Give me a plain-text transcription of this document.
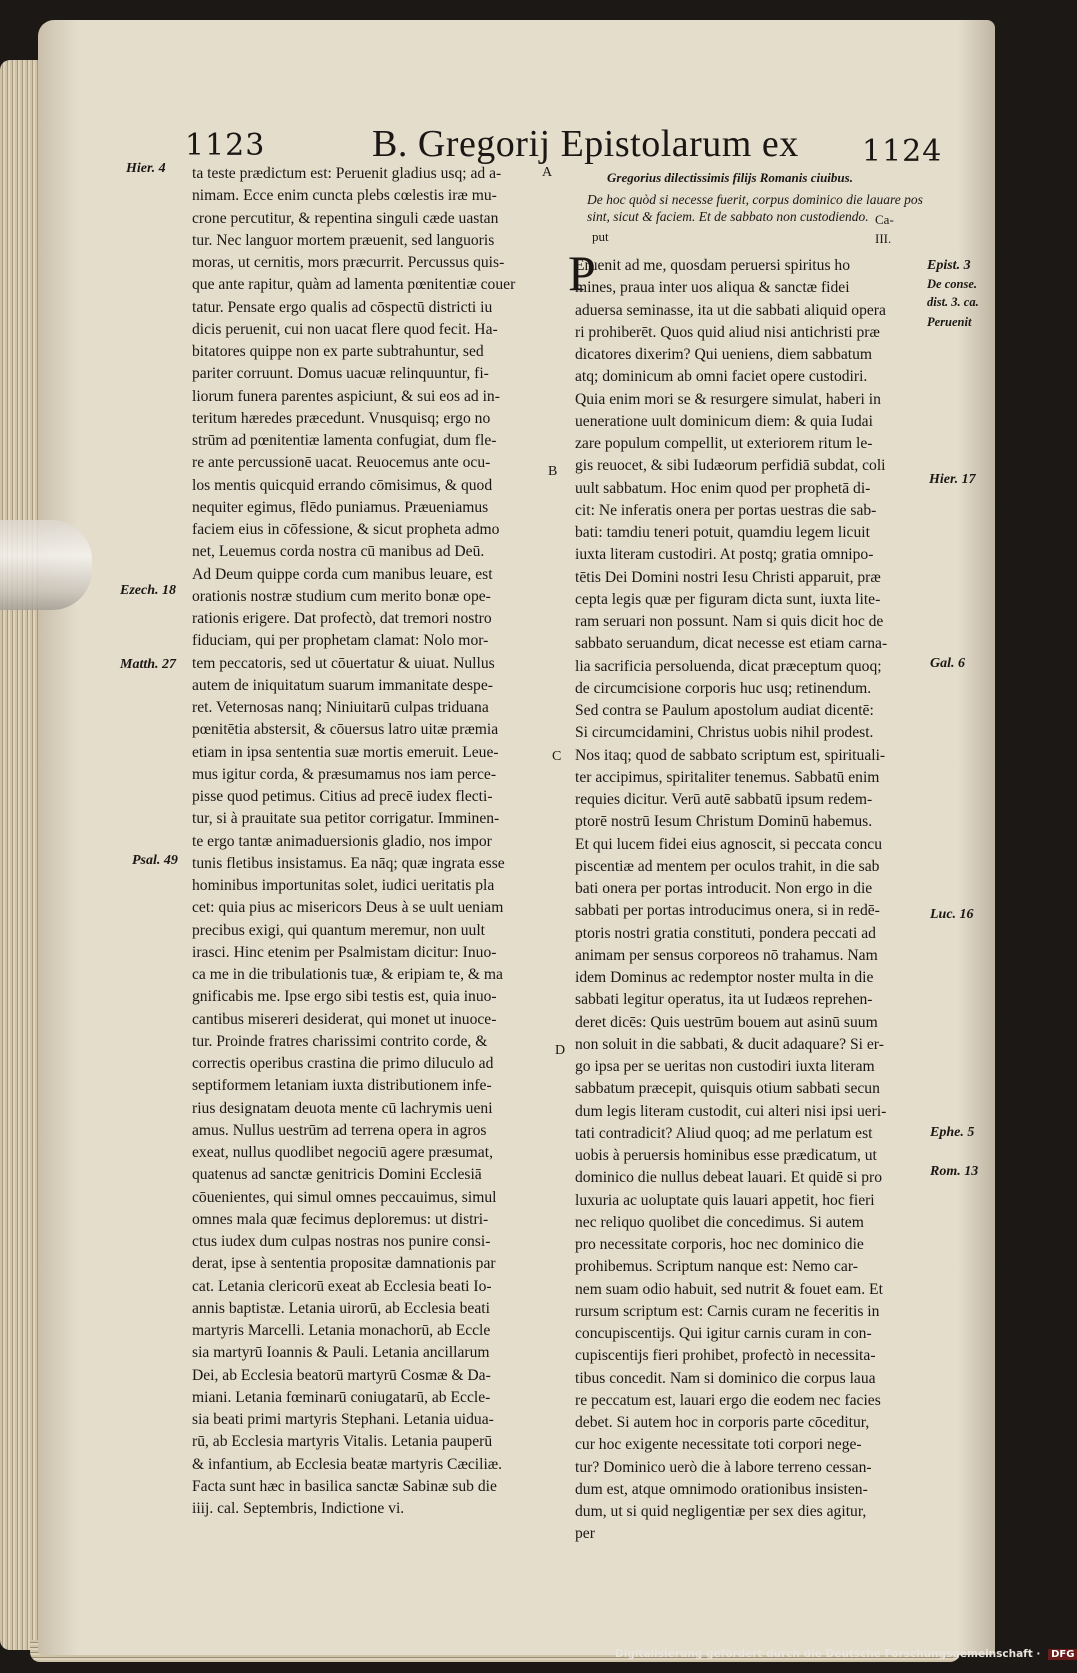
1123	B. Gregorij Epistolarum ex 1124
ta teste prædictum est: Peruenit gladius usq; ad a-
nimam. Ecce enim cuncta plebs cœlestis iræ mu-
crone percutitur, & repentina singuli cæde uastan
tur. Nec languor mortem præuenit, sed languoris
moras, ut cernitis, mors præcurrit. Percussus quis-
que ante rapitur, quàm ad lamenta pœnitentiæ couer
tatur. Pensate ergo qualis ad cōspectū districti iu
dicis peruenit, cui non uacat flere quod fecit. Ha-
bitatores quippe non ex parte subtrahuntur, sed
pariter corruunt. Domus uacuæ relinquuntur, fi-
liorum funera parentes aspiciunt, & sui eos ad in-
teritum hæredes præcedunt. Vnusquisq; ergo no
strūm ad pœnitentiæ lamenta confugiat, dum fle-
re ante percussionē uacat. Reuocemus ante ocu-
los mentis quicquid errando cōmisimus, & quod
nequiter egimus, flēdo puniamus. Præueniamus
faciem eius in cōfessione, & sicut propheta admo
net, Leuemus corda nostra cū manibus ad Deū.
Ad Deum quippe corda cum manibus leuare, est
orationis nostræ studium cum merito bonæ ope-
rationis erigere. Dat profectò, dat tremori nostro
fiduciam, qui per prophetam clamat: Nolo mor-
tem peccatoris, sed ut cōuertatur & uiuat. Nullus
autem de iniquitatum suarum immanitate despe-
ret. Veternosas nanq; Niniuitarū culpas triduana
pœnitētia abstersit, & cōuersus latro uitæ præmia
etiam in ipsa sententia suæ mortis emeruit. Leue-
mus igitur corda, & præsumamus nos iam perce-
pisse quod petimus. Citius ad precē iudex flecti-
tur, si à prauitate sua petitor corrigatur. Imminen-
te ergo tantæ animaduersionis gladio, nos impor
tunis fletibus insistamus. Ea nāq; quæ ingrata esse
hominibus importunitas solet, iudici ueritatis pla
cet: quia pius ac misericors Deus à se uult ueniam
precibus exigi, qui quantum meremur, non uult
irasci. Hinc etenim per Psalmistam dicitur: Inuo-
ca me in die tribulationis tuæ, & eripiam te, & ma
gnificabis me. Ipse ergo sibi testis est, quia inuo-
cantibus misereri desiderat, qui monet ut inuoce-
tur. Proinde fratres charissimi contrito corde, &
correctis operibus crastina die primo diluculo ad
septiformem letaniam iuxta distributionem infe-
rius designatam deuota mente cū lachrymis ueni
amus. Nullus uestrūm ad terrena opera in agros
exeat, nullus quodlibet negociū agere præsumat,
quatenus ad sanctæ genitricis Domini Ecclesiā
cōuenientes, qui simul omnes peccauimus, simul
omnes mala quæ fecimus deploremus: ut distri-
ctus iudex dum culpas nostras nos punire consi-
derat, ipse à sententia propositæ damnationis par
cat. Letania clericorū exeat ab Ecclesia beati Io-
annis baptistæ. Letania uirorū, ab Ecclesia beati
martyris Marcelli. Letania monachorū, ab Eccle
sia martyrū Ioannis & Pauli. Letania ancillarum
Dei, ab Ecclesia beatorū martyrū Cosmæ & Da-
miani. Letania fœminarū coniugatarū, ab Eccle-
sia beati primi martyris Stephani. Letania uidua-
rū, ab Ecclesia martyris Vitalis. Letania pauperū
& infantium, ab Ecclesia beatæ martyris Cæciliæ.
Facta sunt hæc in basilica sanctæ Sabinæ sub die
iiij. cal. Septembris, Indictione vi.
Gregorius dilectissimis filijs Romanis ciuibus.
De hoc quòd si necesse fuerit, corpus dominico die lauare pos
sint, sicut & faciem. Et de sabbato non custodiendo. Ca-
put	III.
P
Eruenit ad me, quosdam peruersi spiritus ho
mines, praua inter uos aliqua & sanctæ fidei
aduersa seminasse, ita ut die sabbati aliquid opera
ri prohiberēt. Quos quid aliud nisi antichristi præ
dicatores dixerim? Qui ueniens, diem sabbatum
atq; dominicum ab omni faciet opere custodiri.
Quia enim mori se & resurgere simulat, haberi in
ueneratione uult dominicum diem: & quia Iudai
zare populum compellit, ut exteriorem ritum le-
gis reuocet, & sibi Iudæorum perfidiā subdat, coli
uult sabbatum. Hoc enim quod per prophetā di-
cit: Ne inferatis onera per portas uestras die sab-
bati: tamdiu teneri potuit, quamdiu legem licuit
iuxta literam custodiri. At postq; gratia omnipo-
tētis Dei Domini nostri Iesu Christi apparuit, præ
cepta legis quæ per figuram dicta sunt, iuxta lite-
ram seruari non possunt. Nam si quis dicit hoc de
sabbato seruandum, dicat necesse est etiam carna-
lia sacrificia persoluenda, dicat præceptum quoq;
de circumcisione corporis huc usq; retinendum.
Sed contra se Paulum apostolum audiat dicentē:
Si circumcidamini, Christus uobis nihil prodest.
Nos itaq; quod de sabbato scriptum est, spirituali-
ter accipimus, spiritaliter tenemus. Sabbatū enim
requies dicitur. Verū autē sabbatū ipsum redem-
ptorē nostrū Iesum Christum Dominū habemus.
Et qui lucem fidei eius agnoscit, si peccata concu
piscentiæ ad mentem per oculos trahit, in die sab
bati onera per portas introducit. Non ergo in die
sabbati per portas introducimus onera, si in redē-
ptoris nostri gratia constituti, pondera peccati ad
animam per sensus corporeos nō trahamus. Nam
idem Dominus ac redemptor noster multa in die
sabbati legitur operatus, ita ut Iudæos reprehen-
deret dicēs: Quis uestrūm bouem aut asinū suum
non soluit in die sabbati, & ducit adaquare? Si er-
go ipsa per se ueritas non custodiri iuxta literam
sabbatum præcepit, quisquis otium sabbati secun
dum legis literam custodit, cui alteri nisi ipsi ueri-
tati contradicit? Aliud quoq; ad me perlatum est
uobis à peruersis hominibus esse prædicatum, ut
dominico die nullus debeat lauari. Et quidē si pro
luxuria ac uoluptate quis lauari appetit, hoc fieri
nec reliquo quolibet die concedimus. Si autem
pro necessitate corporis, hoc nec dominico die
prohibemus. Scriptum nanque est: Nemo car-
nem suam odio habuit, sed nutrit & fouet eam. Et
rursum scriptum est: Carnis curam ne feceritis in
concupiscentijs. Qui igitur carnis curam in con-
cupiscentijs fieri prohibet, profectò in necessita-
tibus concedit. Nam si dominico die corpus laua
re peccatum est, lauari ergo die eodem nec facies
debet. Si autem hoc in corporis parte cōceditur,
cur hoc exigente necessitate toti corpori nege-
tur? Dominico uerò die à labore terreno cessan-
dum est, atque omnimodo orationibus insisten-
dum, ut si quid negligentiæ per sex dies agitur,
per
Hier. 4
Ezech. 18
Matth. 27
Psal. 49
Epist. 3
De conse.
dist. 3. ca.
Peruenit
Hier. 17
Gal. 6
Luc. 16
Ephe. 5
Rom. 13
A
B
C
D
Digitalisierung gefördert durch die Deutsche Forschungsgemeinschaft · DFG
